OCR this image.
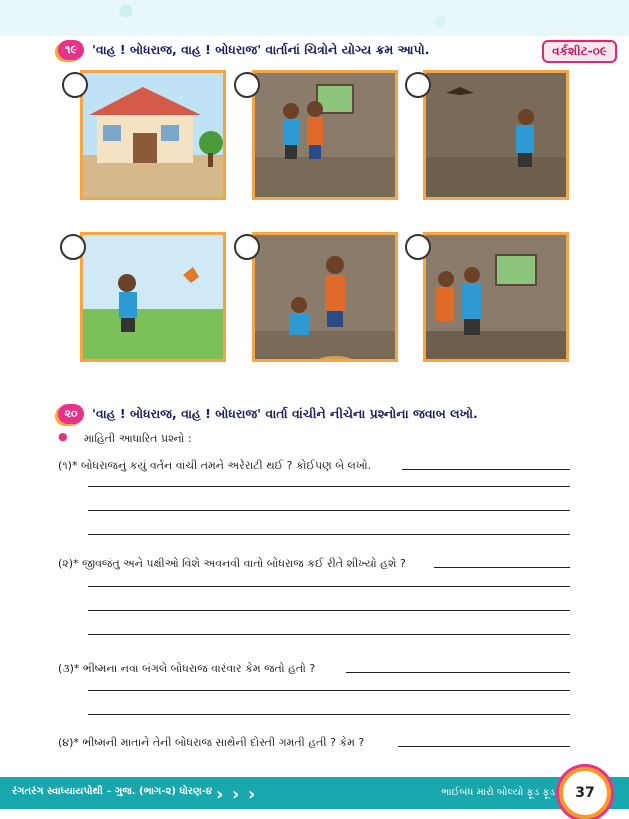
૧૯	'વાહ ! બોધરાજ, વાહ ! બોધરાજ' વાર્તાનાં ચિત્રોને યોગ્ય ક્રમ આપો.	વર્કશીટ-૦૯
૨૦	'વાહ ! બોધરાજ, વાહ ! બોધરાજ' વાર્તા વાંચીને નીચેના પ્રશ્નોના જવાબ લખો.
● માહિતી આધારિત પ્રશ્નો :
(૧)* બોધરાજનું કયું વર્તન વાંચી તમને અરેરાટી થઈ ? કોઈપણ બે લખો.
(૨)* જીવજંતુ અને પક્ષીઓ વિશે અવનવી વાતો બોધરાજ કઈ રીતે શીખ્યો હશે ?
(૩)* ભીષ્મના નવા બંગલે બોધરાજ વારંવાર કેમ જતો હતો ?
(૪)* ભીષ્મની માતાને તેની બોધરાજ સાથેની દોસ્તી ગમતી હતી ? કેમ ?
રંગતરંગ સ્વાધ્યાયપોથી – ગુજ. (ભાગ-૨) ધોરણ-૪ › › ›	ભાઈબંધ મારો બોલ્યો ફૂડ ફૂડ	37
